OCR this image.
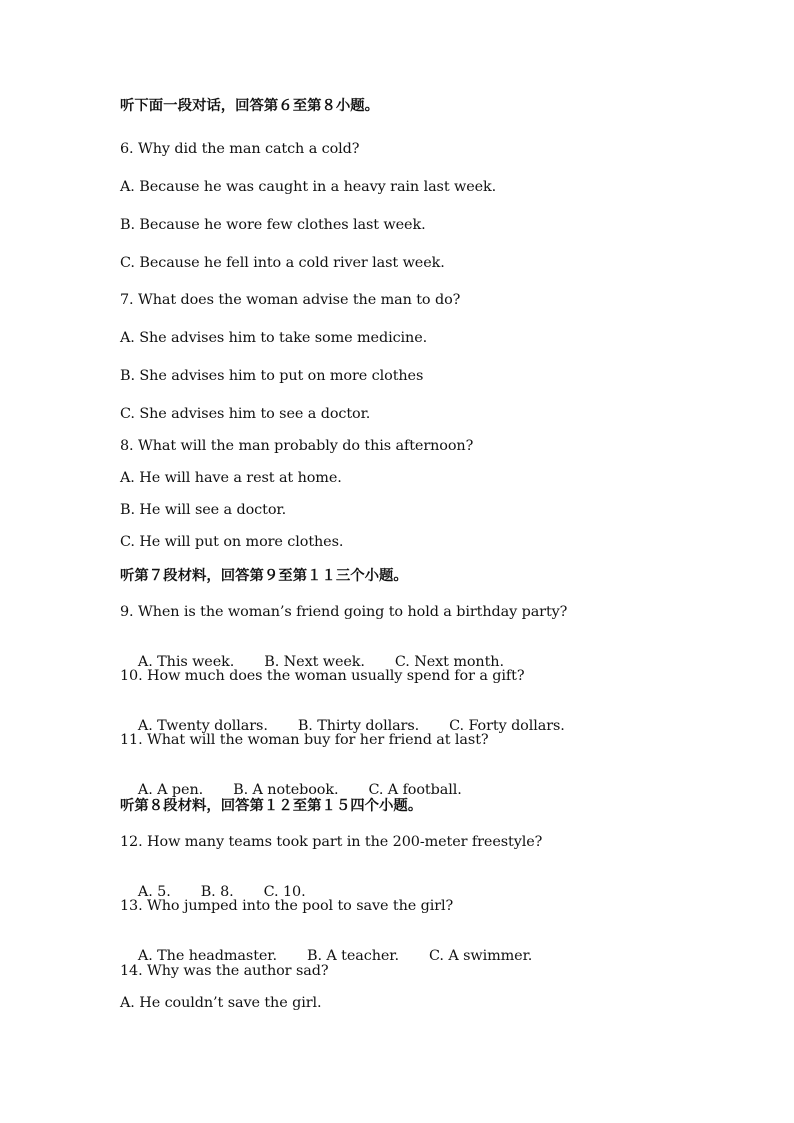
听下面一段对话，回答第６至第８小题。
6. Why did the man catch a cold?
A. Because he was caught in a heavy rain last week.
B. Because he wore few clothes last week.
C. Because he fell into a cold river last week.
7. What does the woman advise the man to do?
A. She advises him to take some medicine.
B. She advises him to put on more clothes
C. She advises him to see a doctor.
8. What will the man probably do this afternoon?
A. He will have a rest at home.
B. He will see a doctor.
C. He will put on more clothes.
听第７段材料，回答第９至第１１三个小题。
9. When is the woman’s friend going to hold a birthday party?

A. This week. B. Next week. C. Next month.

10. How much does the woman usually spend for a gift?

A. Twenty dollars. B. Thirty dollars. C. Forty dollars.

11. What will the woman buy for her friend at last?

A. A pen. B. A notebook. C. A football.

听第８段材料，回答第１２至第１５四个小题。
12. How many teams took part in the 200-meter freestyle?

A. 5. B. 8. C. 10.

13. Who jumped into the pool to save the girl?

A. The headmaster. B. A teacher. C. A swimmer.

14. Why was the author sad?
A. He couldn’t save the girl.
